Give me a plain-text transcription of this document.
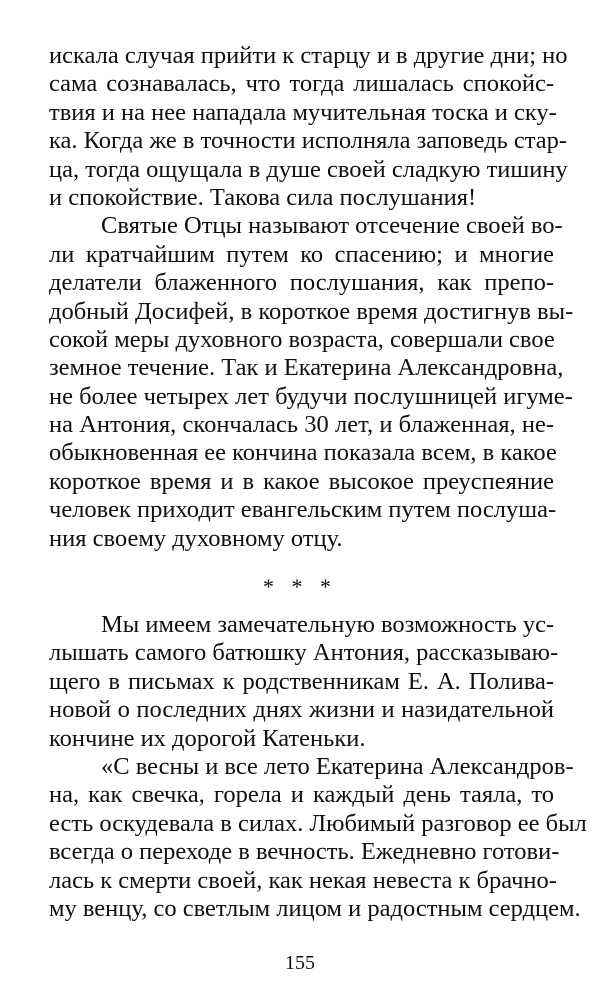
искала случая прийти к старцу и в другие дни; но
сама сознавалась, что тогда лишалась спокойс-
твия и на нее нападала мучительная тоска и ску-
ка. Когда же в точности исполняла заповедь стар-
ца, тогда ощущала в душе своей сладкую тишину
и спокойствие. Такова сила послушания!
Святые Отцы называют отсечение своей во-
ли кратчайшим путем ко спасению; и многие
делатели блаженного послушания, как препо-
добный Досифей, в короткое время достигнув вы-
сокой меры духовного возраста, совершали свое
земное течение. Так и Екатерина Александровна,
не более четырех лет будучи послушницей игуме-
на Антония, скончалась 30 лет, и блаженная, не-
обыкновенная ее кончина показала всем, в какое
короткое время и в какое высокое преуспеяние
человек приходит евангельским путем послуша-
ния своему духовному отцу.
* * *
Мы имеем замечательную возможность ус-
лышать самого батюшку Антония, рассказываю-
щего в письмах к родственникам Е. А. Полива-
новой о последних днях жизни и назидательной
кончине их дорогой Катеньки.
«С весны и все лето Екатерина Александров-
на, как свечка, горела и каждый день таяла, то
есть оскудевала в силах. Любимый разговор ее был
всегда о переходе в вечность. Ежедневно готови-
лась к смерти своей, как некая невеста к брачно-
му венцу, со светлым лицом и радостным сердцем.
155
